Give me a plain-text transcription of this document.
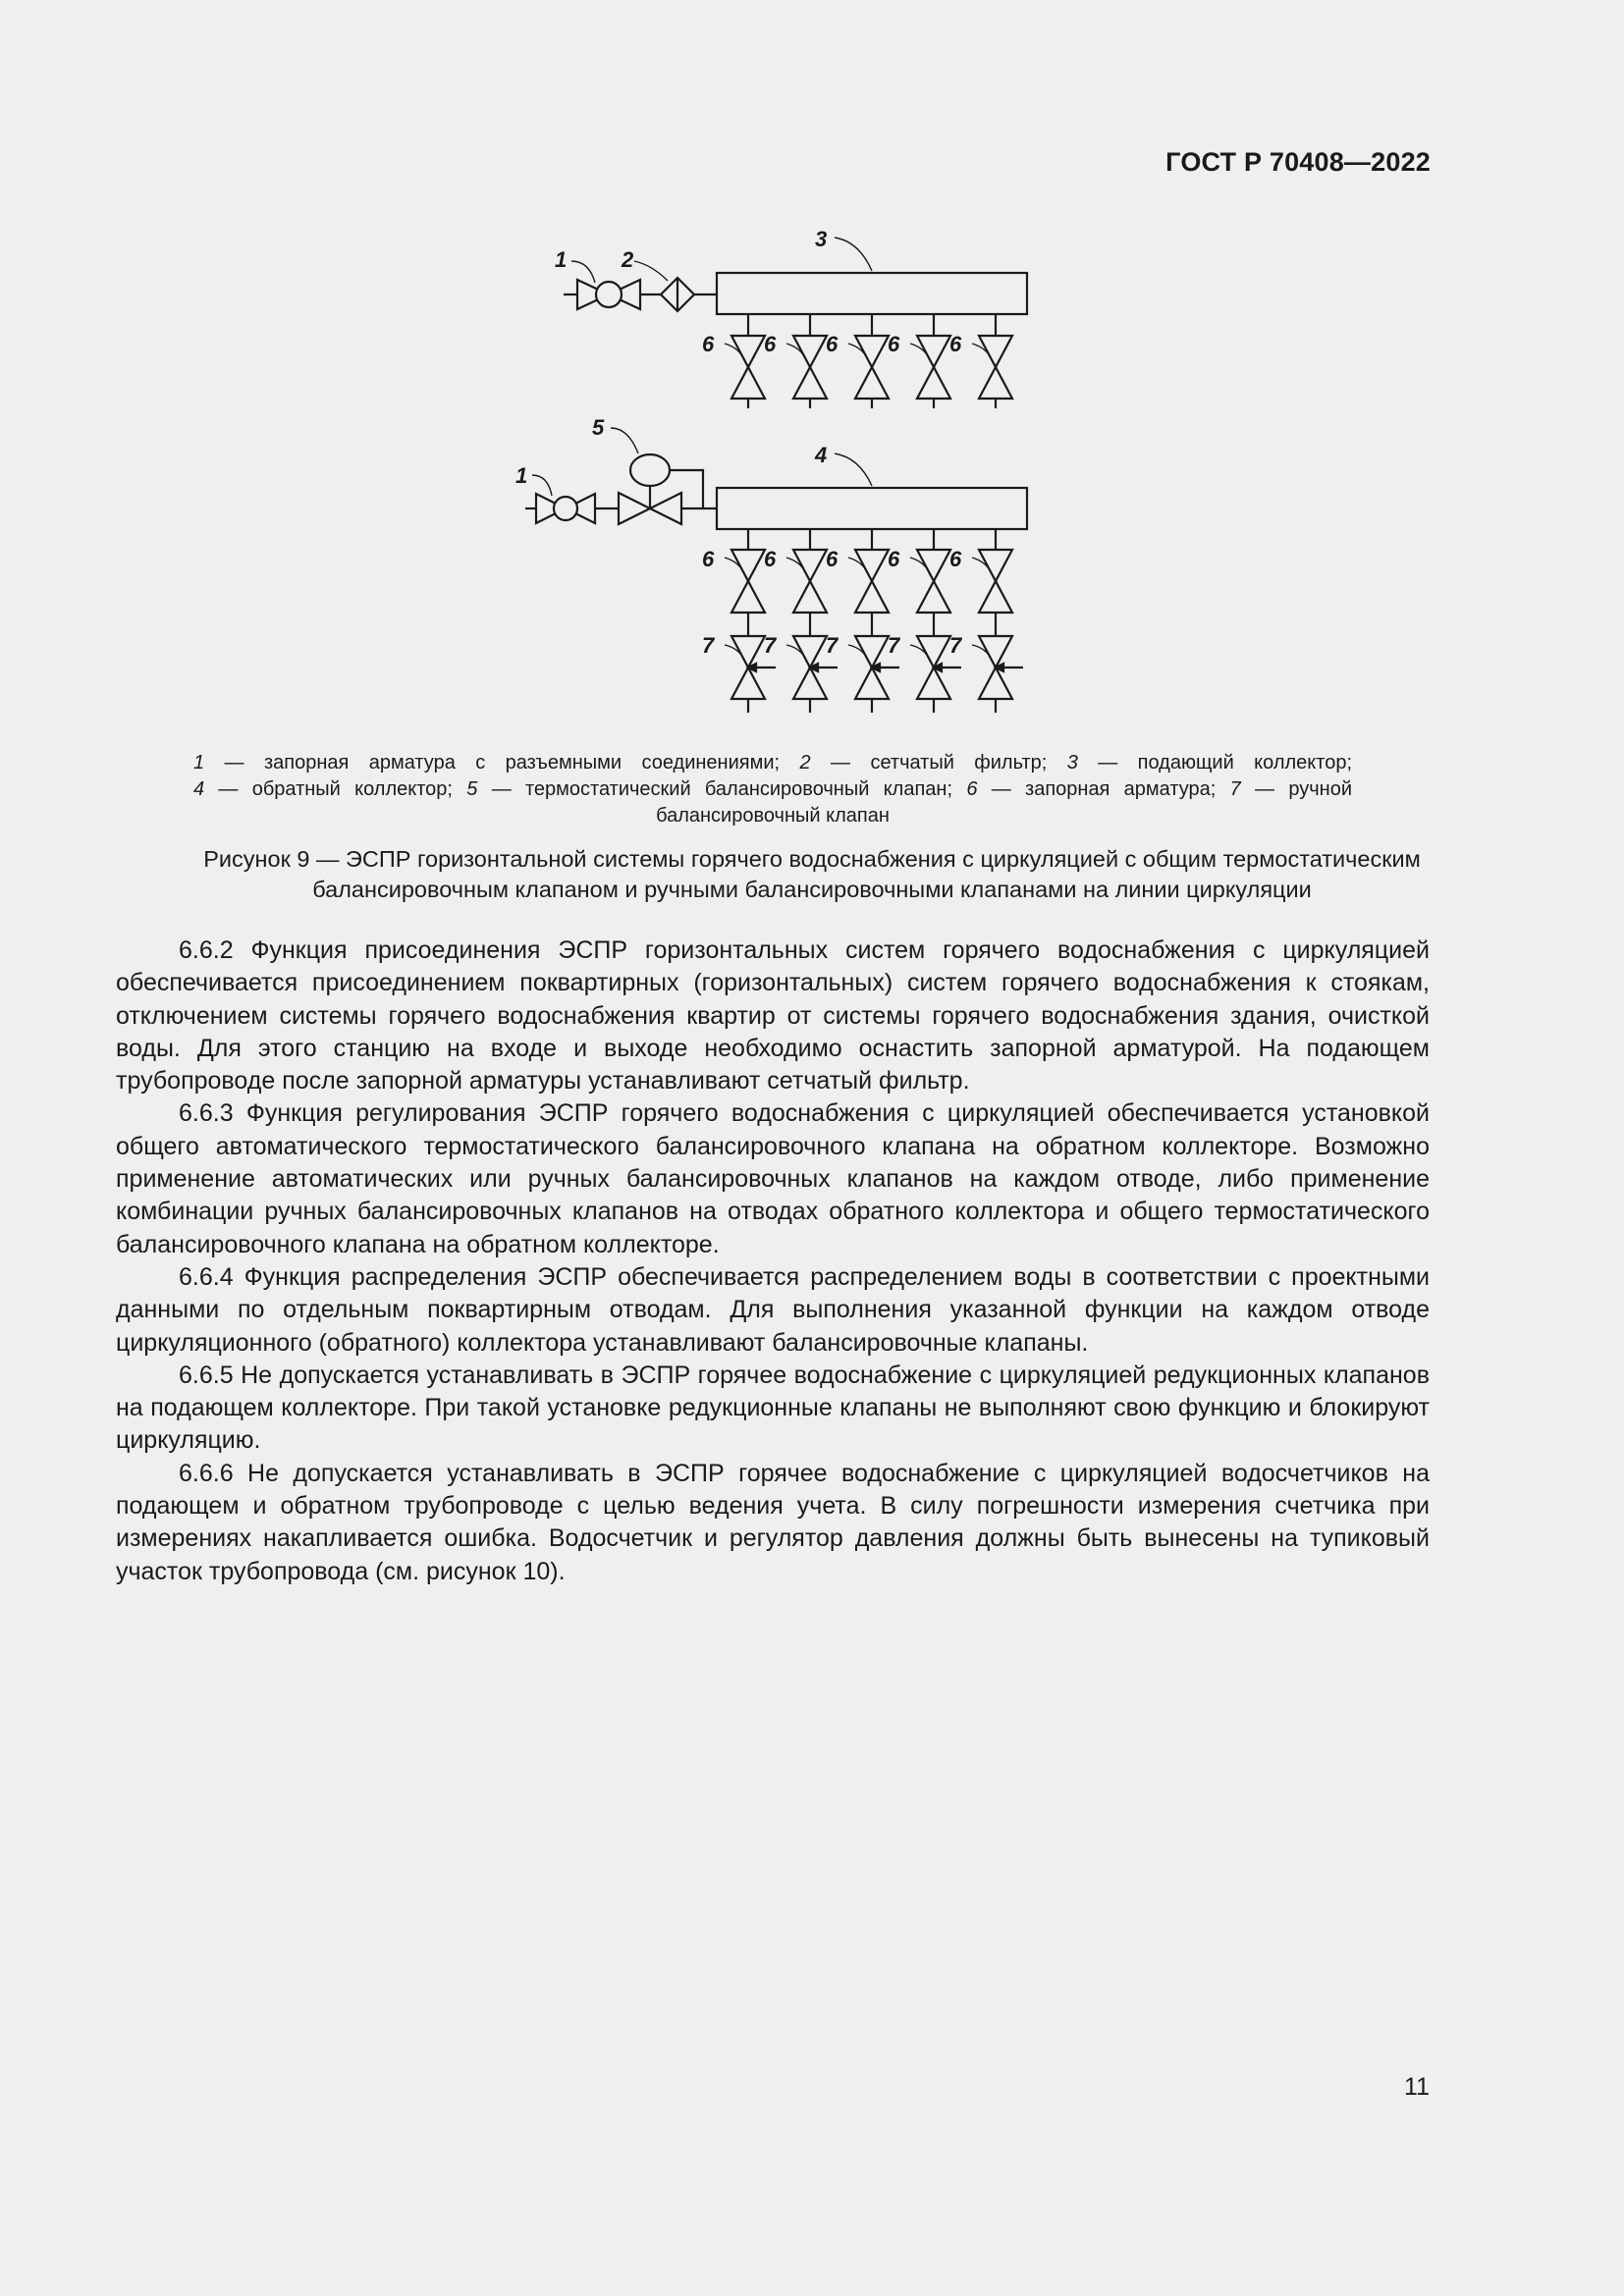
ГОСТ Р 70408—2022
1	2
3
6 6 6 6 6
5
1
4
6 6 6 6 6
7 7 7 7 7

1 — запорная арматура с разъемными соединениями; 2 — сетчатый фильтр; 3 — подающий коллектор;

4 — обратный коллектор; 5 — термостатический балансировочный клапан; 6 — запорная арматура; 7 — ручной

балансировочный клапан

Рисунок 9 — ЭСПР горизонтальной системы горячего водоснабжения с циркуляцией с общим термостатическим

балансировочным клапаном и ручными балансировочными клапанами на линии циркуляции

6.6.2 Функция присоединения ЭСПР горизонтальных систем горячего водоснабжения с циркуляцией обеспечивается присоединением поквартирных (горизонтальных) систем горячего водоснабжения к стоякам, отключением системы горячего водоснабжения квартир от системы горячего водоснабжения здания, очисткой воды. Для этого станцию на входе и выходе необходимо оснастить запорной арматурой. На подающем трубопроводе после запорной арматуры устанавливают сетчатый фильтр.

6.6.3 Функция регулирования ЭСПР горячего водоснабжения с циркуляцией обеспечивается установкой общего автоматического термостатического балансировочного клапана на обратном коллекторе. Возможно применение автоматических или ручных балансировочных клапанов на каждом отводе, либо применение комбинации ручных балансировочных клапанов на отводах обратного коллектора и общего термостатического балансировочного клапана на обратном коллекторе.

6.6.4 Функция распределения ЭСПР обеспечивается распределением воды в соответствии с проектными данными по отдельным поквартирным отводам. Для выполнения указанной функции на каждом отводе циркуляционного (обратного) коллектора устанавливают балансировочные клапаны.

6.6.5 Не допускается устанавливать в ЭСПР горячее водоснабжение с циркуляцией редукционных клапанов на подающем коллекторе. При такой установке редукционные клапаны не выполняют свою функцию и блокируют циркуляцию.

6.6.6 Не допускается устанавливать в ЭСПР горячее водоснабжение с циркуляцией водосчетчиков на подающем и обратном трубопроводе с целью ведения учета. В силу погрешности измерения счетчика при измерениях накапливается ошибка. Водосчетчик и регулятор давления должны быть вынесены на тупиковый участок трубопровода (см. рисунок 10).

11
